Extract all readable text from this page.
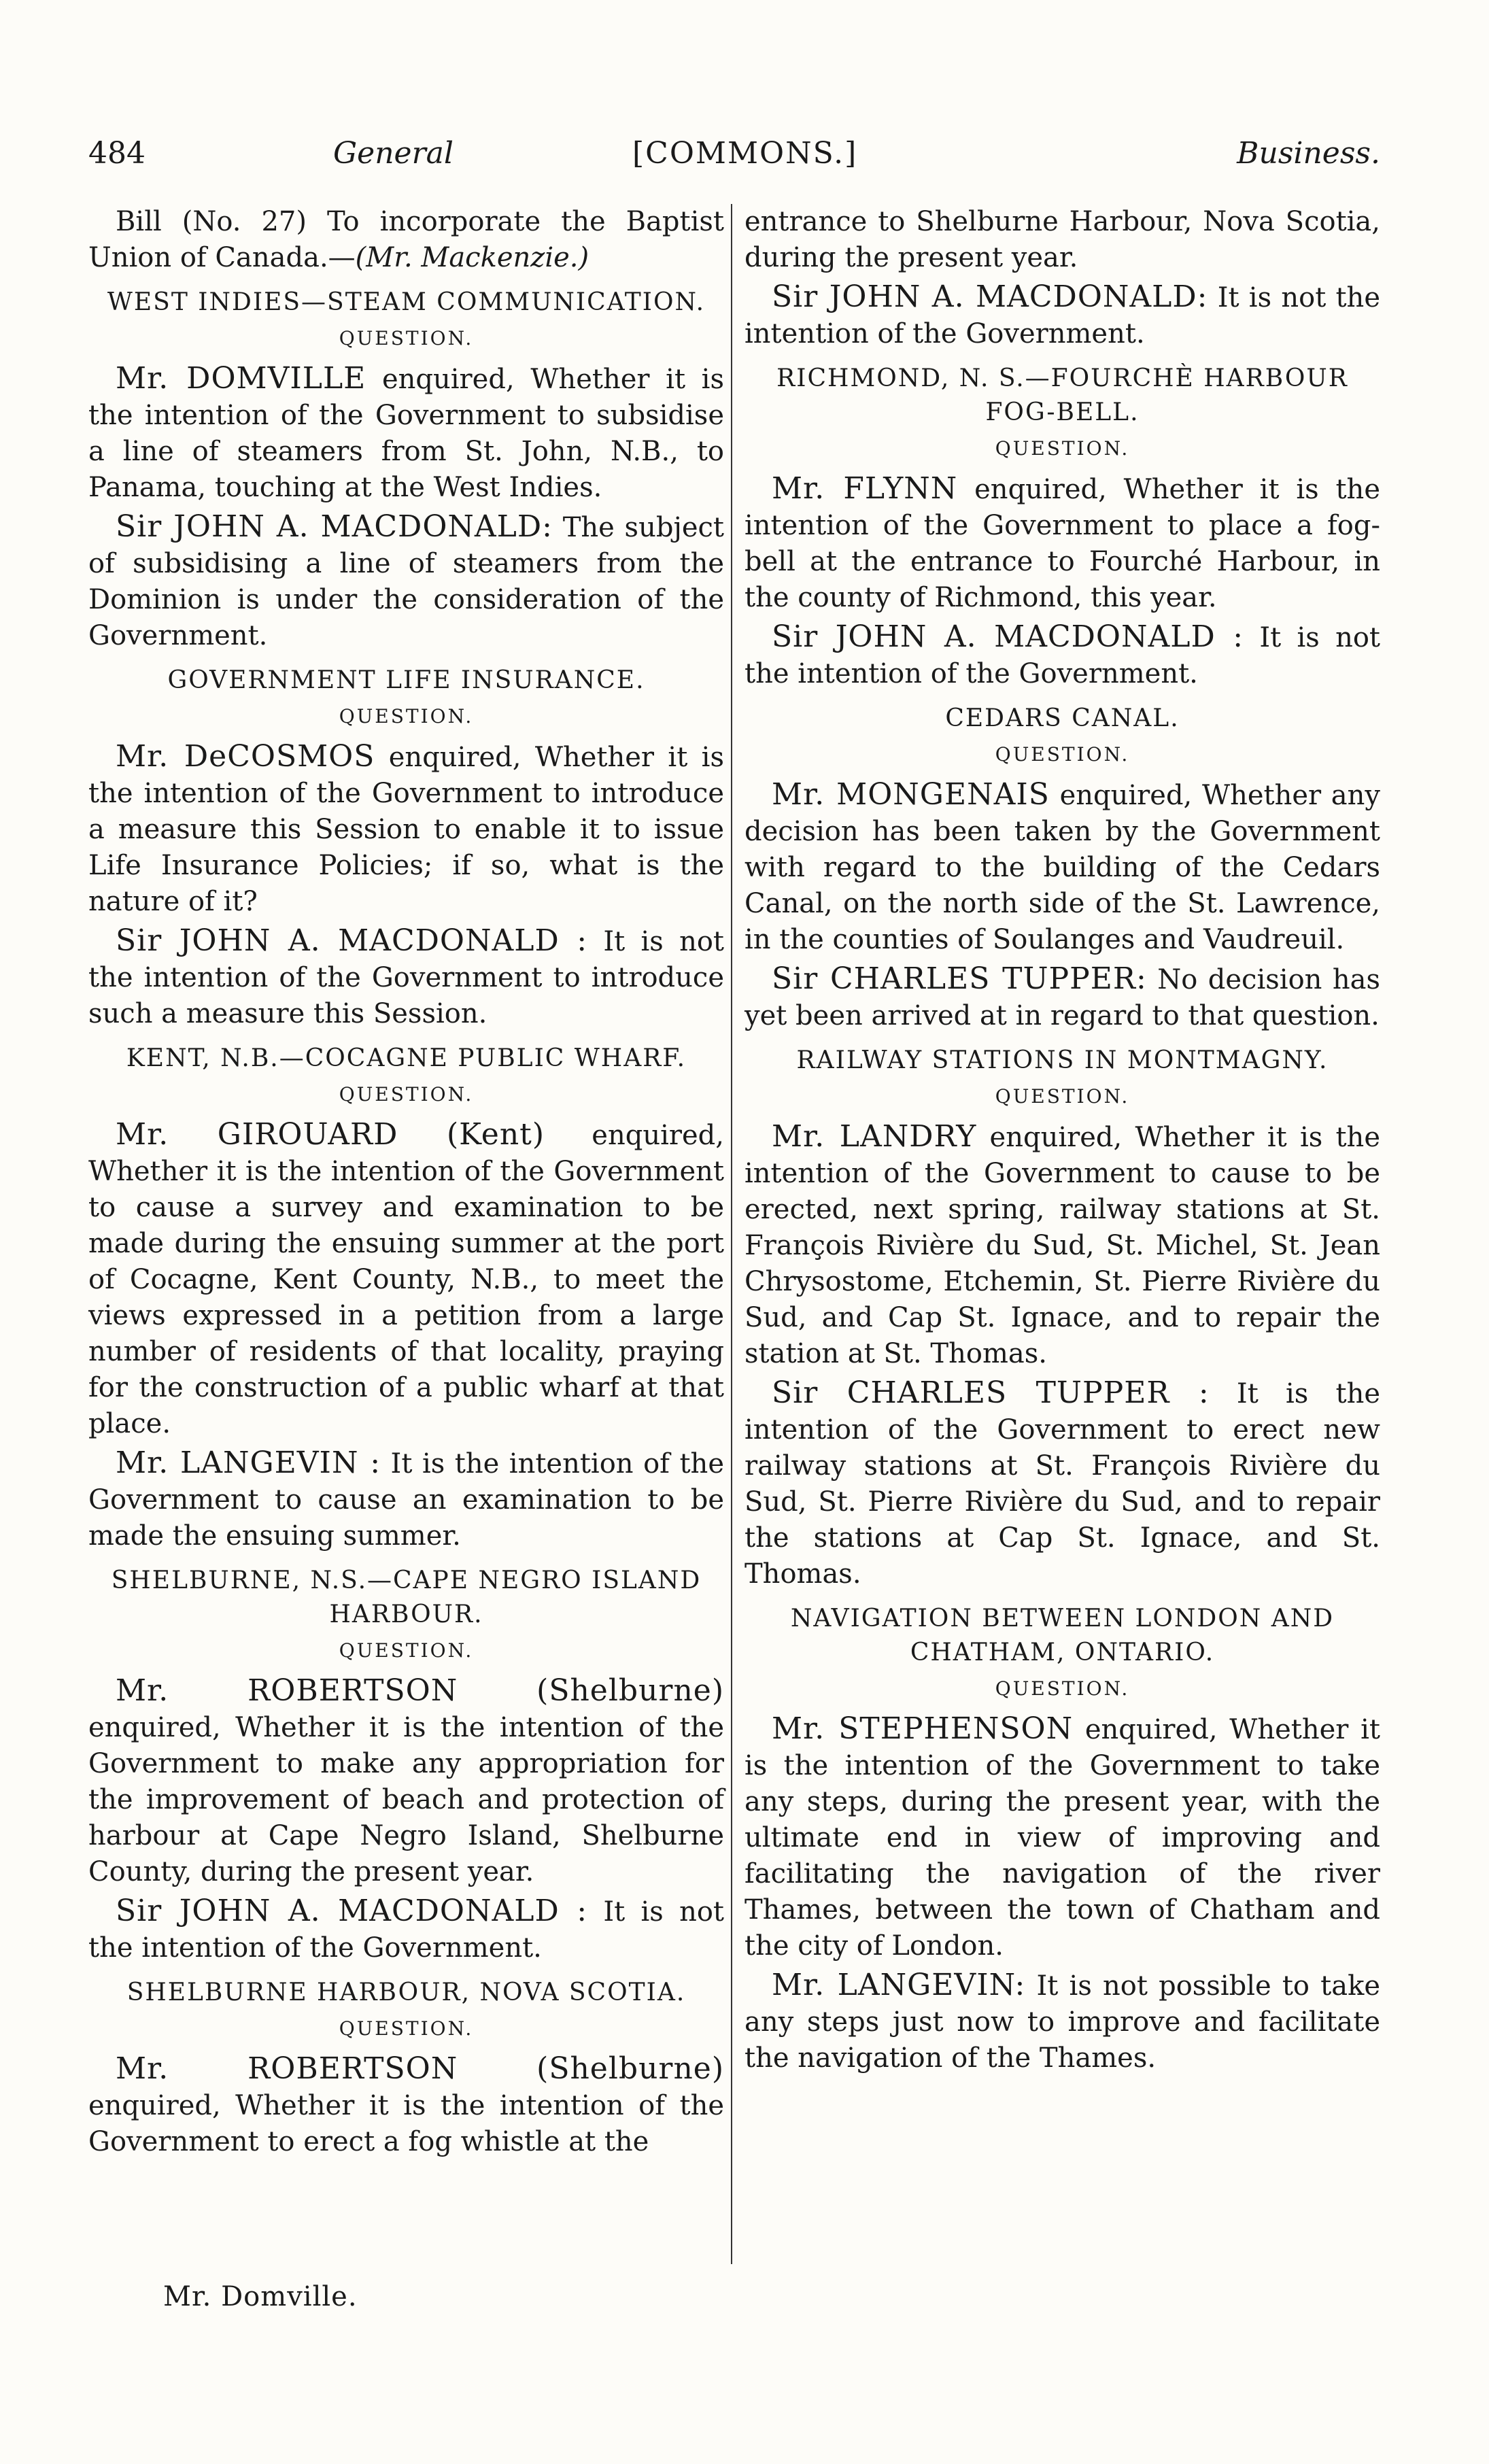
484	General	[COMMONS.]	Business.

Bill (No. 27) To incorporate the Baptist Union of Canada.—(Mr. Mackenzie.)

WEST INDIES—STEAM COMMUNICATION.
QUESTION.

Mr. DOMVILLE enquired, Whether it is the intention of the Government to subsidise a line of steamers from St. John, N.B., to Panama, touching at the West Indies.

Sir JOHN A. MACDONALD: The subject of subsidising a line of steamers from the Dominion is under the consideration of the Government.

GOVERNMENT LIFE INSURANCE.
QUESTION.

Mr. DeCOSMOS enquired, Whether it is the intention of the Government to introduce a measure this Session to enable it to issue Life Insurance Policies; if so, what is the nature of it?

Sir JOHN A. MACDONALD : It is not the intention of the Government to introduce such a measure this Session.

KENT, N.B.—COCAGNE PUBLIC WHARF.
QUESTION.

Mr. GIROUARD (Kent) enquired, Whether it is the intention of the Government to cause a survey and examination to be made during the ensuing summer at the port of Cocagne, Kent County, N.B., to meet the views expressed in a petition from a large number of residents of that locality, praying for the construction of a public wharf at that place.

Mr. LANGEVIN : It is the intention of the Government to cause an examination to be made the ensuing summer.

SHELBURNE, N.S.—CAPE NEGRO ISLAND HARBOUR.
QUESTION.

Mr. ROBERTSON (Shelburne) enquired, Whether it is the intention of the Government to make any appropriation for the improvement of beach and protection of harbour at Cape Negro Island, Shelburne County, during the present year.

Sir JOHN A. MACDONALD : It is not the intention of the Government.

SHELBURNE HARBOUR, NOVA SCOTIA.
QUESTION.

Mr. ROBERTSON (Shelburne) enquired, Whether it is the intention of the Government to erect a fog whistle at the

entrance to Shelburne Harbour, Nova Scotia, during the present year.

Sir JOHN A. MACDONALD: It is not the intention of the Government.

RICHMOND, N. S.—FOURCHÈ HARBOUR FOG-BELL.
QUESTION.

Mr. FLYNN enquired, Whether it is the intention of the Government to place a fog-bell at the entrance to Fourché Harbour, in the county of Richmond, this year.

Sir JOHN A. MACDONALD : It is not the intention of the Government.

CEDARS CANAL.
QUESTION.

Mr. MONGENAIS enquired, Whether any decision has been taken by the Government with regard to the building of the Cedars Canal, on the north side of the St. Lawrence, in the counties of Soulanges and Vaudreuil.

Sir CHARLES TUPPER: No decision has yet been arrived at in regard to that question.

RAILWAY STATIONS IN MONTMAGNY.
QUESTION.

Mr. LANDRY enquired, Whether it is the intention of the Government to cause to be erected, next spring, railway stations at St. François Rivière du Sud, St. Michel, St. Jean Chrysostome, Etchemin, St. Pierre Rivière du Sud, and Cap St. Ignace, and to repair the station at St. Thomas.

Sir CHARLES TUPPER : It is the intention of the Government to erect new railway stations at St. François Rivière du Sud, St. Pierre Rivière du Sud, and to repair the stations at Cap St. Ignace, and St. Thomas.

NAVIGATION BETWEEN LONDON AND CHATHAM, ONTARIO.
QUESTION.

Mr. STEPHENSON enquired, Whether it is the intention of the Government to take any steps, during the present year, with the ultimate end in view of improving and facilitating the navigation of the river Thames, between the town of Chatham and the city of London.

Mr. LANGEVIN: It is not possible to take any steps just now to improve and facilitate the navigation of the Thames.

Mr. Domville.
